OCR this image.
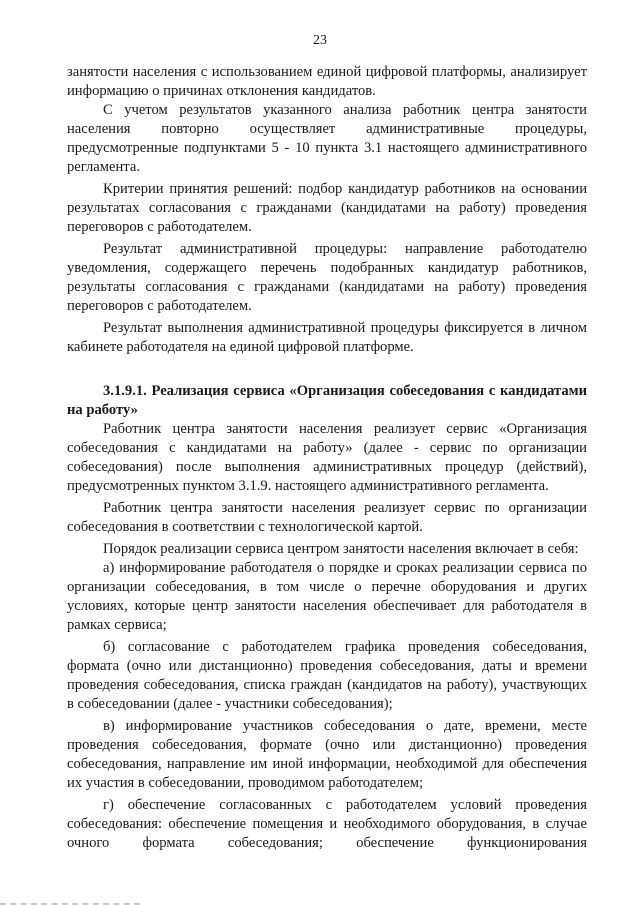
23

занятости населения с использованием единой цифровой платформы, анализирует информацию о причинах отклонения кандидатов.

С учетом результатов указанного анализа работник центра занятости населения повторно осуществляет административные процедуры, предусмотренные подпунктами 5 - 10 пункта 3.1 настоящего административного регламента.

Критерии принятия решений: подбор кандидатур работников на основании результатах согласования с гражданами (кандидатами на работу) проведения переговоров с работодателем.

Результат административной процедуры: направление работодателю уведомления, содержащего перечень подобранных кандидатур работников, результаты согласования с гражданами (кандидатами на работу) проведения переговоров с работодателем.

Результат выполнения административной процедуры фиксируется в личном кабинете работодателя на единой цифровой платформе.

3.1.9.1. Реализация сервиса «Организация собеседования с кандидатами на работу»

Работник центра занятости населения реализует сервис «Организация собеседования с кандидатами на работу» (далее - сервис по организации собеседования) после выполнения административных процедур (действий), предусмотренных пунктом 3.1.9. настоящего административного регламента.

Работник центра занятости населения реализует сервис по организации собеседования в соответствии с технологической картой.

Порядок реализации сервиса центром занятости населения включает в себя:

а) информирование работодателя о порядке и сроках реализации сервиса по организации собеседования, в том числе о перечне оборудования и других условиях, которые центр занятости населения обеспечивает для работодателя в рамках сервиса;

б) согласование с работодателем графика проведения собеседования, формата (очно или дистанционно) проведения собеседования, даты и времени проведения собеседования, списка граждан (кандидатов на работу), участвующих в собеседовании (далее - участники собеседования);

в) информирование участников собеседования о дате, времени, месте проведения собеседования, формате (очно или дистанционно) проведения собеседования, направление им иной информации, необходимой для обеспечения их участия в собеседовании, проводимом работодателем;

г) обеспечение согласованных с работодателем условий проведения собеседования: обеспечение помещения и необходимого оборудования, в случае очного формата собеседования; обеспечение функционирования
